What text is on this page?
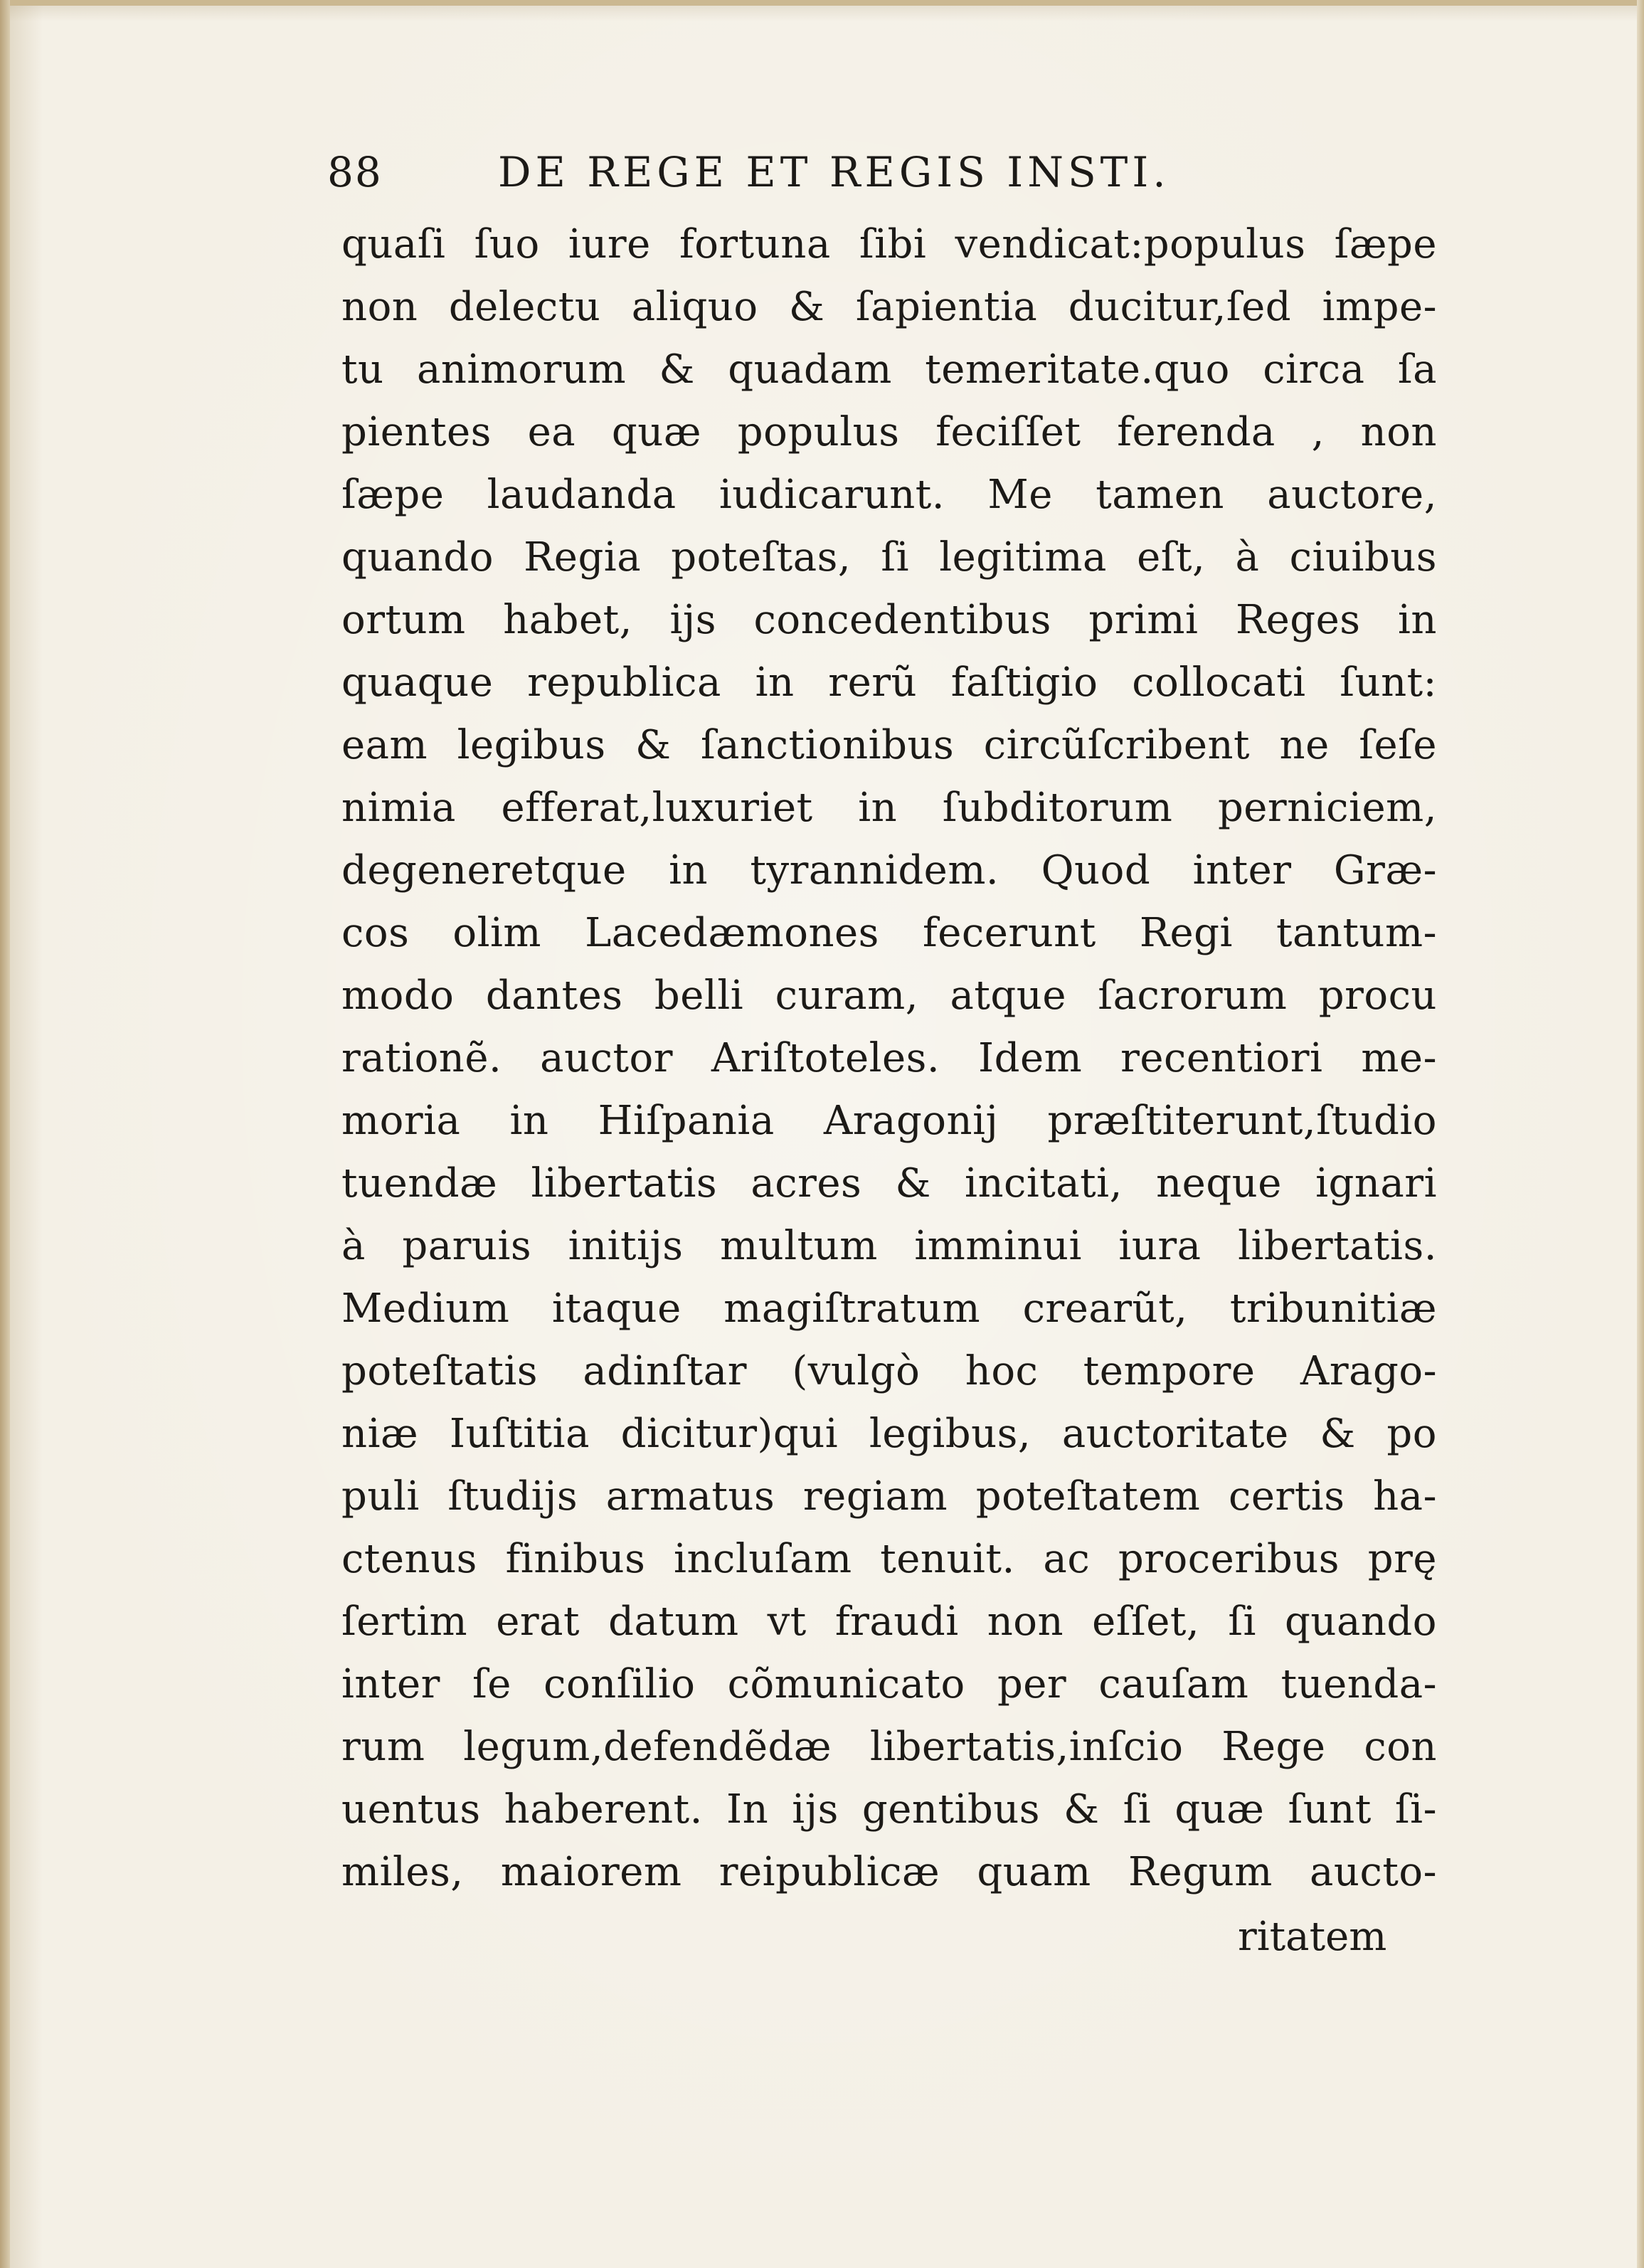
88	DE REGE ET REGIS INSTI.
quaſi ſuo iure fortuna ſibi vendicat:populus ſæpe
non delectu aliquo & ſapientia ducitur,ſed impe-
tu animorum & quadam temeritate.quo circa ſa
pientes ea quæ populus feciſſet ferenda , non
ſæpe laudanda iudicarunt. Me tamen auctore,
quando Regia poteſtas, ſi legitima eſt, à ciuibus
ortum habet, ijs concedentibus primi Reges in
quaque republica in rerũ faſtigio collocati ſunt:
eam legibus & ſanctionibus circũſcribent ne ſeſe
nimia efferat,luxuriet in ſubditorum perniciem,
degeneretque in tyrannidem. Quod inter Græ-
cos olim Lacedæmones fecerunt Regi tantum-
modo dantes belli curam, atque ſacrorum procu
rationẽ. auctor Ariſtoteles. Idem recentiori me-
moria in Hiſpania Aragonij præſtiterunt,ſtudio
tuendæ libertatis acres & incitati, neque ignari
à paruis initijs multum imminui iura libertatis.
Medium itaque magiſtratum crearũt, tribunitiæ
poteſtatis adinſtar (vulgò hoc tempore Arago-
niæ Iuſtitia dicitur)qui legibus, auctoritate & po
puli ſtudijs armatus regiam poteſtatem certis ha-
ctenus finibus incluſam tenuit. ac proceribus prę
ſertim erat datum vt fraudi non eſſet, ſi quando
inter ſe conſilio cõmunicato per cauſam tuenda-
rum legum,defendẽdæ libertatis,inſcio Rege con
uentus haberent. In ijs gentibus & ſi quæ ſunt ſi-
miles, maiorem reipublicæ quam Regum aucto-
ritatem
